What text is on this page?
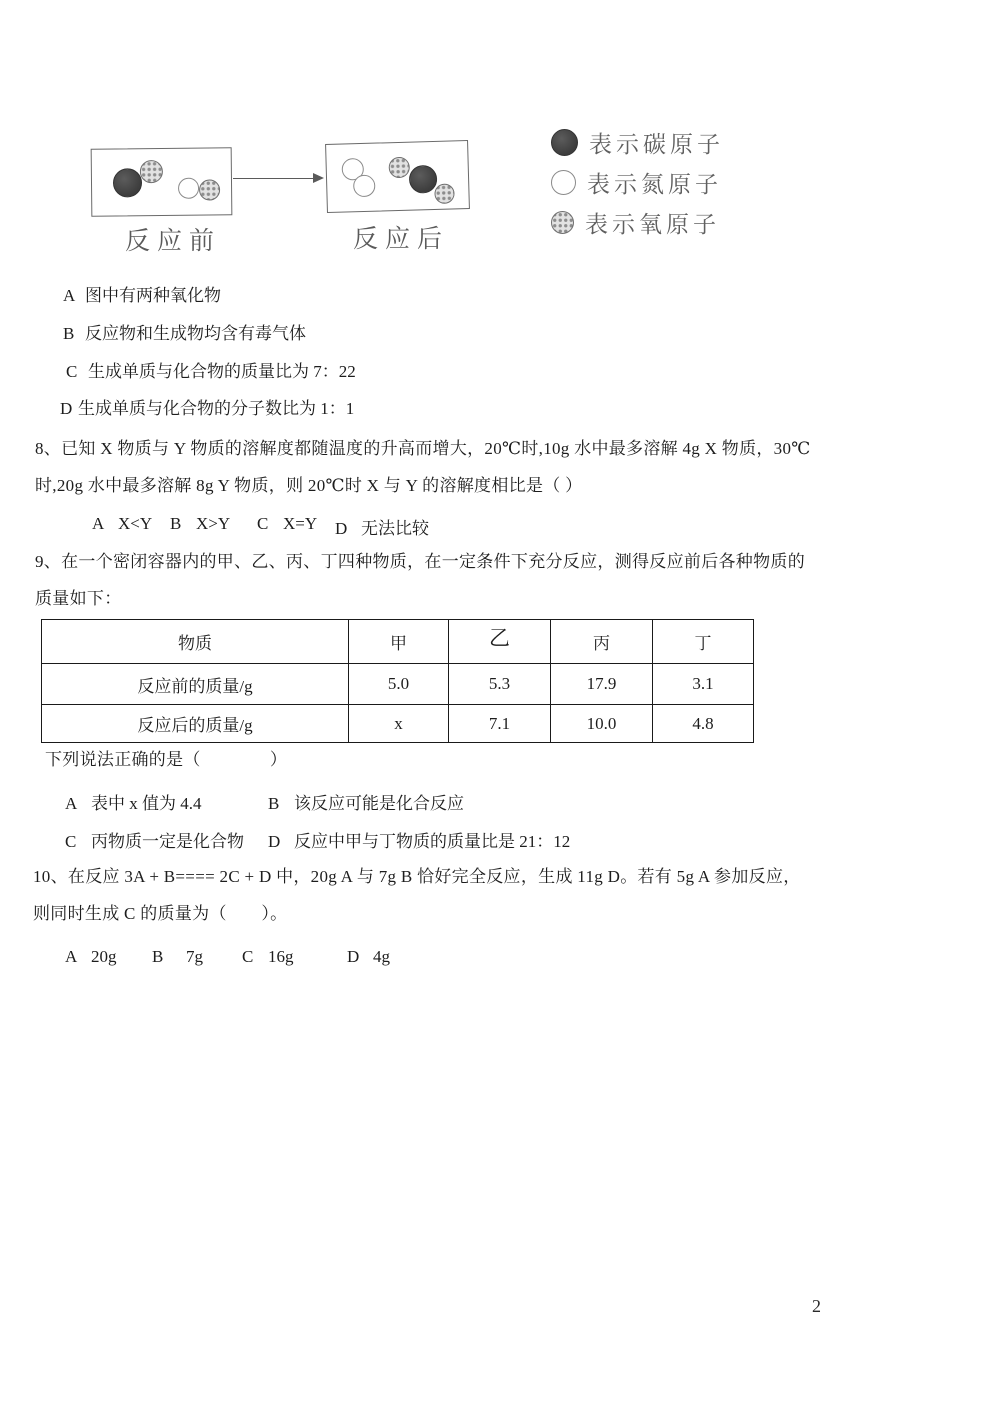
反应前	反应后
表示碳原子
表示氮原子
表示氧原子
A 图中有两种氧化物
B 反应物和生成物均含有毒气体
C 生成单质与化合物的质量比为 7：22
D 生成单质与化合物的分子数比为 1：1
8、已知 X 物质与 Y 物质的溶解度都随温度的升高而增大，20℃时,10g 水中最多溶解 4g X 物质，30℃
时,20g 水中最多溶解 8g Y 物质，则 20℃时 X 与 Y 的溶解度相比是（ ）
A X<Y B X>Y C X=Y D 无法比较
9、在一个密闭容器内的甲、乙、丙、丁四种物质，在一定条件下充分反应，测得反应前后各种物质的
质量如下：
物质	甲	乙	丙	丁
反应前的质量/g	5.0	5.3	17.9	3.1
反应后的质量/g	x	7.1	10.0	4.8
下列说法正确的是（　　　　）
A 表中 x 值为 4.4	B 该反应可能是化合反应
C 丙物质一定是化合物 D 反应中甲与丁物质的质量比是 21：12
10、在反应 3A + B==== 2C + D 中，20g A 与 7g B 恰好完全反应，生成 11g D。若有 5g A 参加反应，
则同时生成 C 的质量为（　　）。
A 20g B 7g C 16g	D 4g
2
